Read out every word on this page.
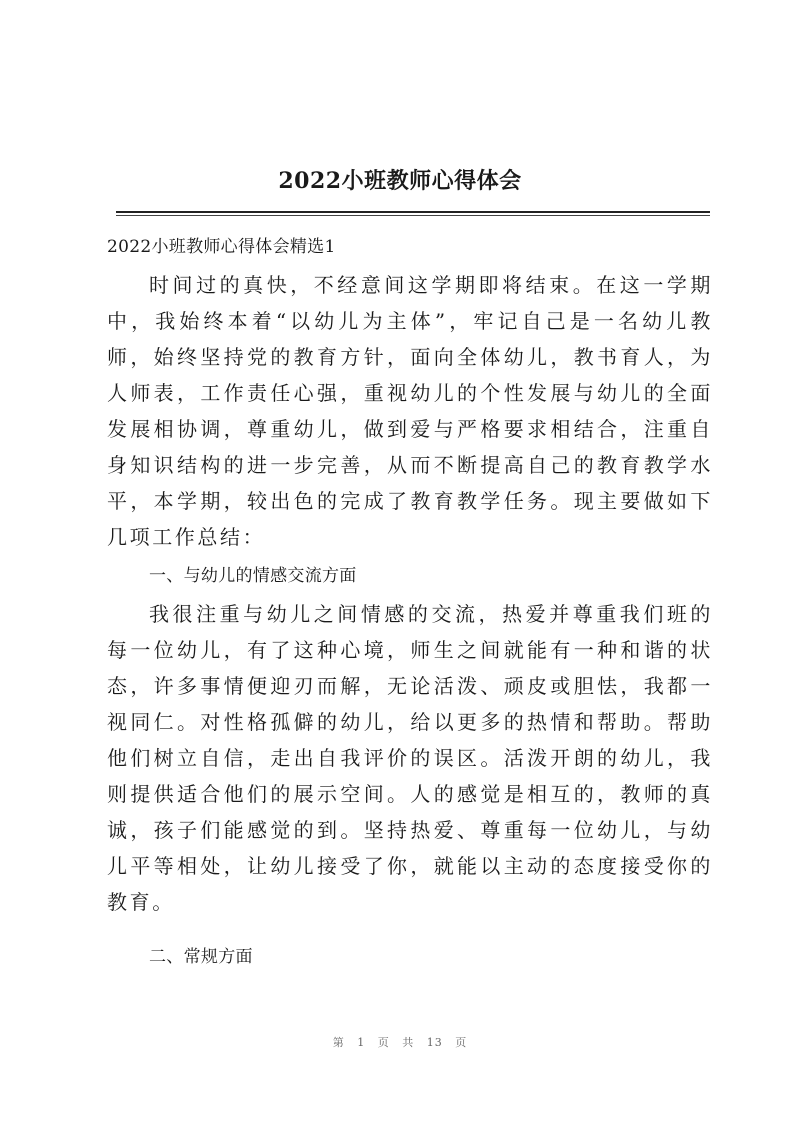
2022小班教师心得体会
2022小班教师心得体会精选1

时间过的真快，不经意间这学期即将结束。在这一学期中，我始终本着“以幼儿为主体”，牢记自己是一名幼儿教师，始终坚持党的教育方针，面向全体幼儿，教书育人，为人师表，工作责任心强，重视幼儿的个性发展与幼儿的全面发展相协调，尊重幼儿，做到爱与严格要求相结合，注重自身知识结构的进一步完善，从而不断提高自己的教育教学水平，本学期，较出色的完成了教育教学任务。现主要做如下几项工作总结：

一、与幼儿的情感交流方面

我很注重与幼儿之间情感的交流，热爱并尊重我们班的每一位幼儿，有了这种心境，师生之间就能有一种和谐的状态，许多事情便迎刃而解，无论活泼、顽皮或胆怯，我都一视同仁。对性格孤僻的幼儿，给以更多的热情和帮助。帮助他们树立自信，走出自我评价的误区。活泼开朗的幼儿，我则提供适合他们的展示空间。人的感觉是相互的，教师的真诚，孩子们能感觉的到。坚持热爱、尊重每一位幼儿，与幼儿平等相处，让幼儿接受了你，就能以主动的态度接受你的教育。

二、常规方面

第 1 页 共 13 页
